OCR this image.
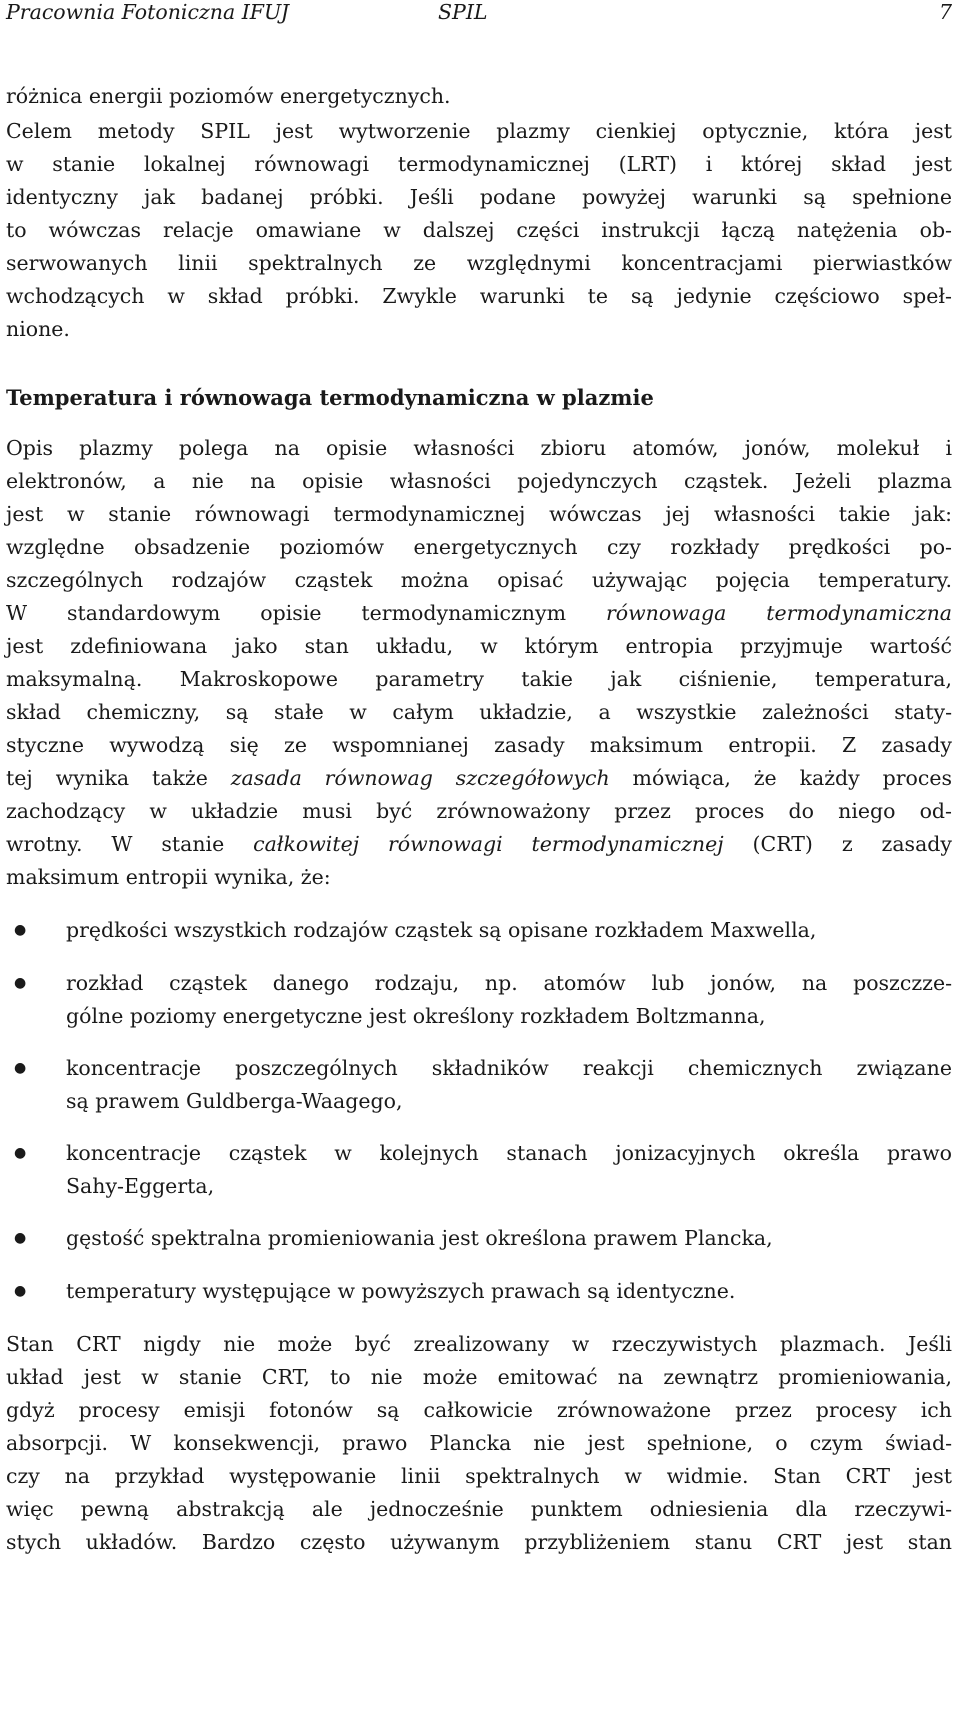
Pracownia Fotoniczna IFUJ	SPIL	7
różnica energii poziomów energetycznych.
Celem metody SPIL jest wytworzenie plazmy cienkiej optycznie, która jest
w stanie lokalnej równowagi termodynamicznej (LRT) i której skład jest
identyczny jak badanej próbki. Jeśli podane powyżej warunki są spełnione
to wówczas relacje omawiane w dalszej części instrukcji łączą natężenia ob-
serwowanych linii spektralnych ze względnymi koncentracjami pierwiastków
wchodzących w skład próbki. Zwykle warunki te są jedynie częściowo speł-
nione.
Temperatura i równowaga termodynamiczna w plazmie
Opis plazmy polega na opisie własności zbioru atomów, jonów, molekuł i
elektronów, a nie na opisie własności pojedynczych cząstek. Jeżeli plazma
jest w stanie równowagi termodynamicznej wówczas jej własności takie jak:
względne obsadzenie poziomów energetycznych czy rozkłady prędkości po-
szczególnych rodzajów cząstek można opisać używając pojęcia temperatury.
W standardowym opisie termodynamicznym równowaga termodynamiczna
jest zdefiniowana jako stan układu, w którym entropia przyjmuje wartość
maksymalną. Makroskopowe parametry takie jak ciśnienie, temperatura,
skład chemiczny, są stałe w całym układzie, a wszystkie zależności staty-
styczne wywodzą się ze wspomnianej zasady maksimum entropii. Z zasady
tej wynika także zasada równowag szczegółowych mówiąca, że każdy proces
zachodzący w układzie musi być zrównoważony przez proces do niego od-
wrotny. W stanie całkowitej równowagi termodynamicznej (CRT) z zasady
maksimum entropii wynika, że:
● prędkości wszystkich rodzajów cząstek są opisane rozkładem Maxwella,
● rozkład cząstek danego rodzaju, np. atomów lub jonów, na poszczze-
gólne poziomy energetyczne jest określony rozkładem Boltzmanna,
● koncentracje poszczególnych składników reakcji chemicznych związane
są prawem Guldberga-Waagego,
● koncentracje cząstek w kolejnych stanach jonizacyjnych określa prawo
Sahy-Eggerta,
● gęstość spektralna promieniowania jest określona prawem Plancka,
● temperatury występujące w powyższych prawach są identyczne.
Stan CRT nigdy nie może być zrealizowany w rzeczywistych plazmach. Jeśli
układ jest w stanie CRT, to nie może emitować na zewnątrz promieniowania,
gdyż procesy emisji fotonów są całkowicie zrównoważone przez procesy ich
absorpcji. W konsekwencji, prawo Plancka nie jest spełnione, o czym świad-
czy na przykład występowanie linii spektralnych w widmie. Stan CRT jest
więc pewną abstrakcją ale jednocześnie punktem odniesienia dla rzeczywi-
stych układów. Bardzo często używanym przybliżeniem stanu CRT jest stan
